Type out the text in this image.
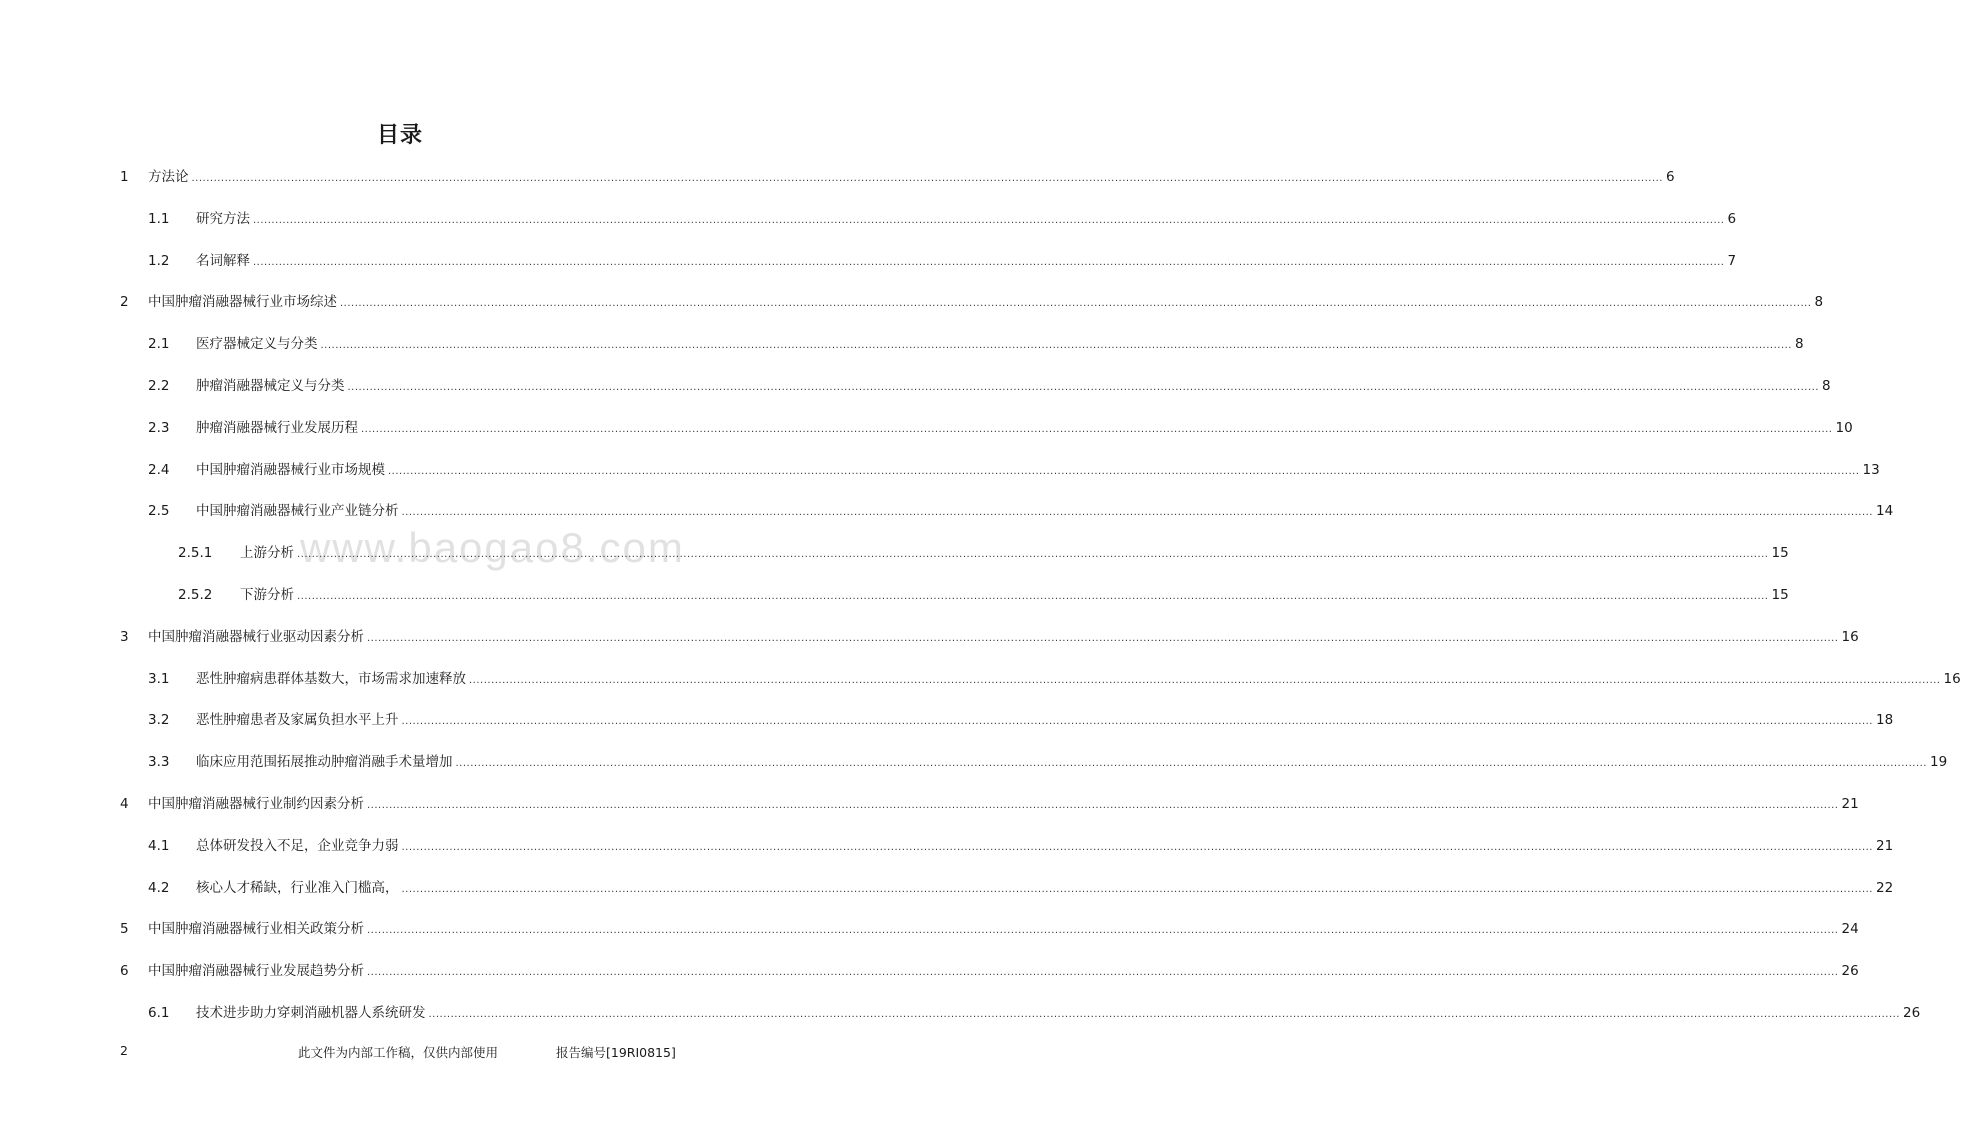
目录
www.baogao8.com
1 方法论 ................................................................................................................................................................................................................................................................................................................................................................................................................ 6
1.1 研究方法 ................................................................................................................................................................................................................................................................................................................................................................................................................ 6
1.2 名词解释 ................................................................................................................................................................................................................................................................................................................................................................................................................ 7
2 中国肿瘤消融器械行业市场综述 ................................................................................................................................................................................................................................................................................................................................................................................................................ 8
2.1 医疗器械定义与分类 ................................................................................................................................................................................................................................................................................................................................................................................................................ 8
2.2 肿瘤消融器械定义与分类 ................................................................................................................................................................................................................................................................................................................................................................................................................ 8
2.3 肿瘤消融器械行业发展历程 ................................................................................................................................................................................................................................................................................................................................................................................................................ 10
2.4 中国肿瘤消融器械行业市场规模 ................................................................................................................................................................................................................................................................................................................................................................................................................ 13
2.5 中国肿瘤消融器械行业产业链分析 ................................................................................................................................................................................................................................................................................................................................................................................................................ 14
2.5.1 上游分析 ................................................................................................................................................................................................................................................................................................................................................................................................................ 15
2.5.2 下游分析 ................................................................................................................................................................................................................................................................................................................................................................................................................ 15
3 中国肿瘤消融器械行业驱动因素分析 ................................................................................................................................................................................................................................................................................................................................................................................................................ 16
3.1 恶性肿瘤病患群体基数大，市场需求加速释放 ................................................................................................................................................................................................................................................................................................................................................................................................................ 16
3.2 恶性肿瘤患者及家属负担水平上升 ................................................................................................................................................................................................................................................................................................................................................................................................................ 18
3.3 临床应用范围拓展推动肿瘤消融手术量增加 ................................................................................................................................................................................................................................................................................................................................................................................................................ 19
4 中国肿瘤消融器械行业制约因素分析 ................................................................................................................................................................................................................................................................................................................................................................................................................ 21
4.1 总体研发投入不足，企业竞争力弱 ................................................................................................................................................................................................................................................................................................................................................................................................................ 21
4.2 核心人才稀缺，行业准入门槛高， ................................................................................................................................................................................................................................................................................................................................................................................................................ 22
5 中国肿瘤消融器械行业相关政策分析 ................................................................................................................................................................................................................................................................................................................................................................................................................ 24
6 中国肿瘤消融器械行业发展趋势分析 ................................................................................................................................................................................................................................................................................................................................................................................................................ 26
6.1 技术进步助力穿刺消融机器人系统研发 ................................................................................................................................................................................................................................................................................................................................................................................................................ 26
2	此文件为内部工作稿，仅供内部使用	报告编号[19RI0815]
